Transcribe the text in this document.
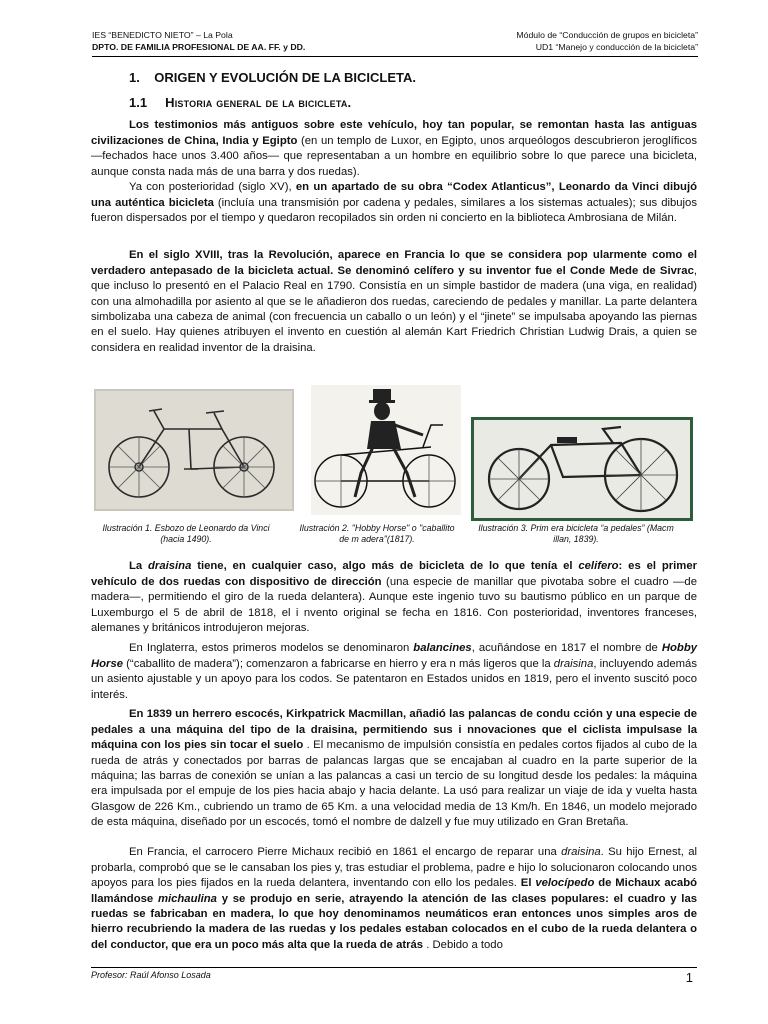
IES “BENEDICTO NIETO” – La Pola
DPTO. DE FAMILIA PROFESIONAL DE AA. FF. y DD.
Módulo de “Conducción de grupos en bicicleta”
UD1 “Manejo y conducción de la bicicleta”
1. ORIGEN Y EVOLUCIÓN DE LA BICICLETA.
1.1 Historia general de la bicicleta.

Los testimonios más antiguos sobre este vehículo, hoy tan popular, se remontan hasta las antiguas civilizaciones de China, India y Egipto (en un templo de Luxor, en Egipto, unos arqueólogos descubrieron jeroglíficos —fechados hace unos 3.400 años— que representaban a un hombre en equilibrio sobre lo que parece una bicicleta, aunque consta nada más de una barra y dos ruedas).

Ya con posterioridad (siglo XV), en un apartado de su obra “Codex Atlanticus”, Leonardo da Vinci dibujó una auténtica bicicleta (incluía una transmisión por cadena y pedales, similares a los sistemas actuales); sus dibujos fueron dispersados por el tiempo y quedaron recopilados sin orden ni concierto en la biblioteca Ambrosiana de Milán.

En el siglo XVIII, tras la Revolución, aparece en Francia lo que se considera pop ularmente como el verdadero antepasado de la bicicleta actual. Se denominó celífero y su inventor fue el Conde Mede de Sivrac, que incluso lo presentó en el Palacio Real en 1790. Consistía en un simple bastidor de madera (una viga, en realidad) con una almohadilla por asiento al que se le añadieron dos ruedas, careciendo de pedales y manillar. La parte delantera simbolizaba una cabeza de animal (con frecuencia un caballo o un león) y el “jinete” se impulsaba apoyando las piernas en el suelo. Hay quienes atribuyen el invento en cuestión al alemán Kart Friedrich Christian Ludwig Drais, a quien se considera en realidad inventor de la draisina.

Ilustración 1. Esbozo de Leonardo da Vinci (hacia 1490).
Ilustración 2. "Hobby Horse" o "caballito de m adera"(1817).
Ilustración 3. Prim era bicicleta “a pedales” (Macm illan, 1839).

La draisina tiene, en cualquier caso, algo más de bicicleta de lo que tenía el celifero: es el primer vehículo de dos ruedas con dispositivo de dirección (una especie de manillar que pivotaba sobre el cuadro —de madera—, permitiendo el giro de la rueda delantera). Aunque este ingenio tuvo su bautismo público en un parque de Luxemburgo el 5 de abril de 1818, el i nvento original se fecha en 1816. Con posterioridad, inventores franceses, alemanes y británicos introdujeron mejoras.

En Inglaterra, estos primeros modelos se denominaron balancines, acuñándose en 1817 el nombre de Hobby Horse (“caballito de madera”); comenzaron a fabricarse en hierro y era n más ligeros que la draisina, incluyendo además un asiento ajustable y un apoyo para los codos. Se patentaron en Estados unidos en 1819, pero el invento suscitó poco interés.

En 1839 un herrero escocés, Kirkpatrick Macmillan, añadió las palancas de condu cción y una especie de pedales a una máquina del tipo de la draisina, permitiendo sus i nnovaciones que el ciclista impulsase la máquina con los pies sin tocar el suelo . El mecanismo de impulsión consistía en pedales cortos fijados al cubo de la rueda de atrás y conectados por barras de palancas largas que se encajaban al cuadro en la parte superior de la máquina; las barras de conexión se unían a las palancas a casi un tercio de su longitud desde los pedales: la máquina era impulsada por el empuje de los pies hacia abajo y hacia delante. La usó para realizar un viaje de ida y vuelta hasta Glasgow de 226 Km., cubriendo un tramo de 65 Km. a una velocidad media de 13 Km/h. En 1846, un modelo mejorado de esta máquina, diseñado por un escocés, tomó el nombre de dalzell y fue muy utilizado en Gran Bretaña.

En Francia, el carrocero Pierre Michaux recibió en 1861 el encargo de reparar una draisina. Su hijo Ernest, al probarla, comprobó que se le cansaban los pies y, tras estudiar el problema, padre e hijo lo solucionaron colocando unos apoyos para los pies fijados en la rueda delantera, inventando con ello los pedales. El velocípedo de Michaux acabó llamándose michaulina y se produjo en serie, atrayendo la atención de las clases populares: el cuadro y las ruedas se fabricaban en madera, lo que hoy denominamos neumáticos eran entonces unos simples aros de hierro recubriendo la madera de las ruedas y los pedales estaban colocados en el cubo de la rueda delantera o del conductor, que era un poco más alta que la rueda de atrás . Debido a todo

Profesor: Raúl Afonso Losada	1
